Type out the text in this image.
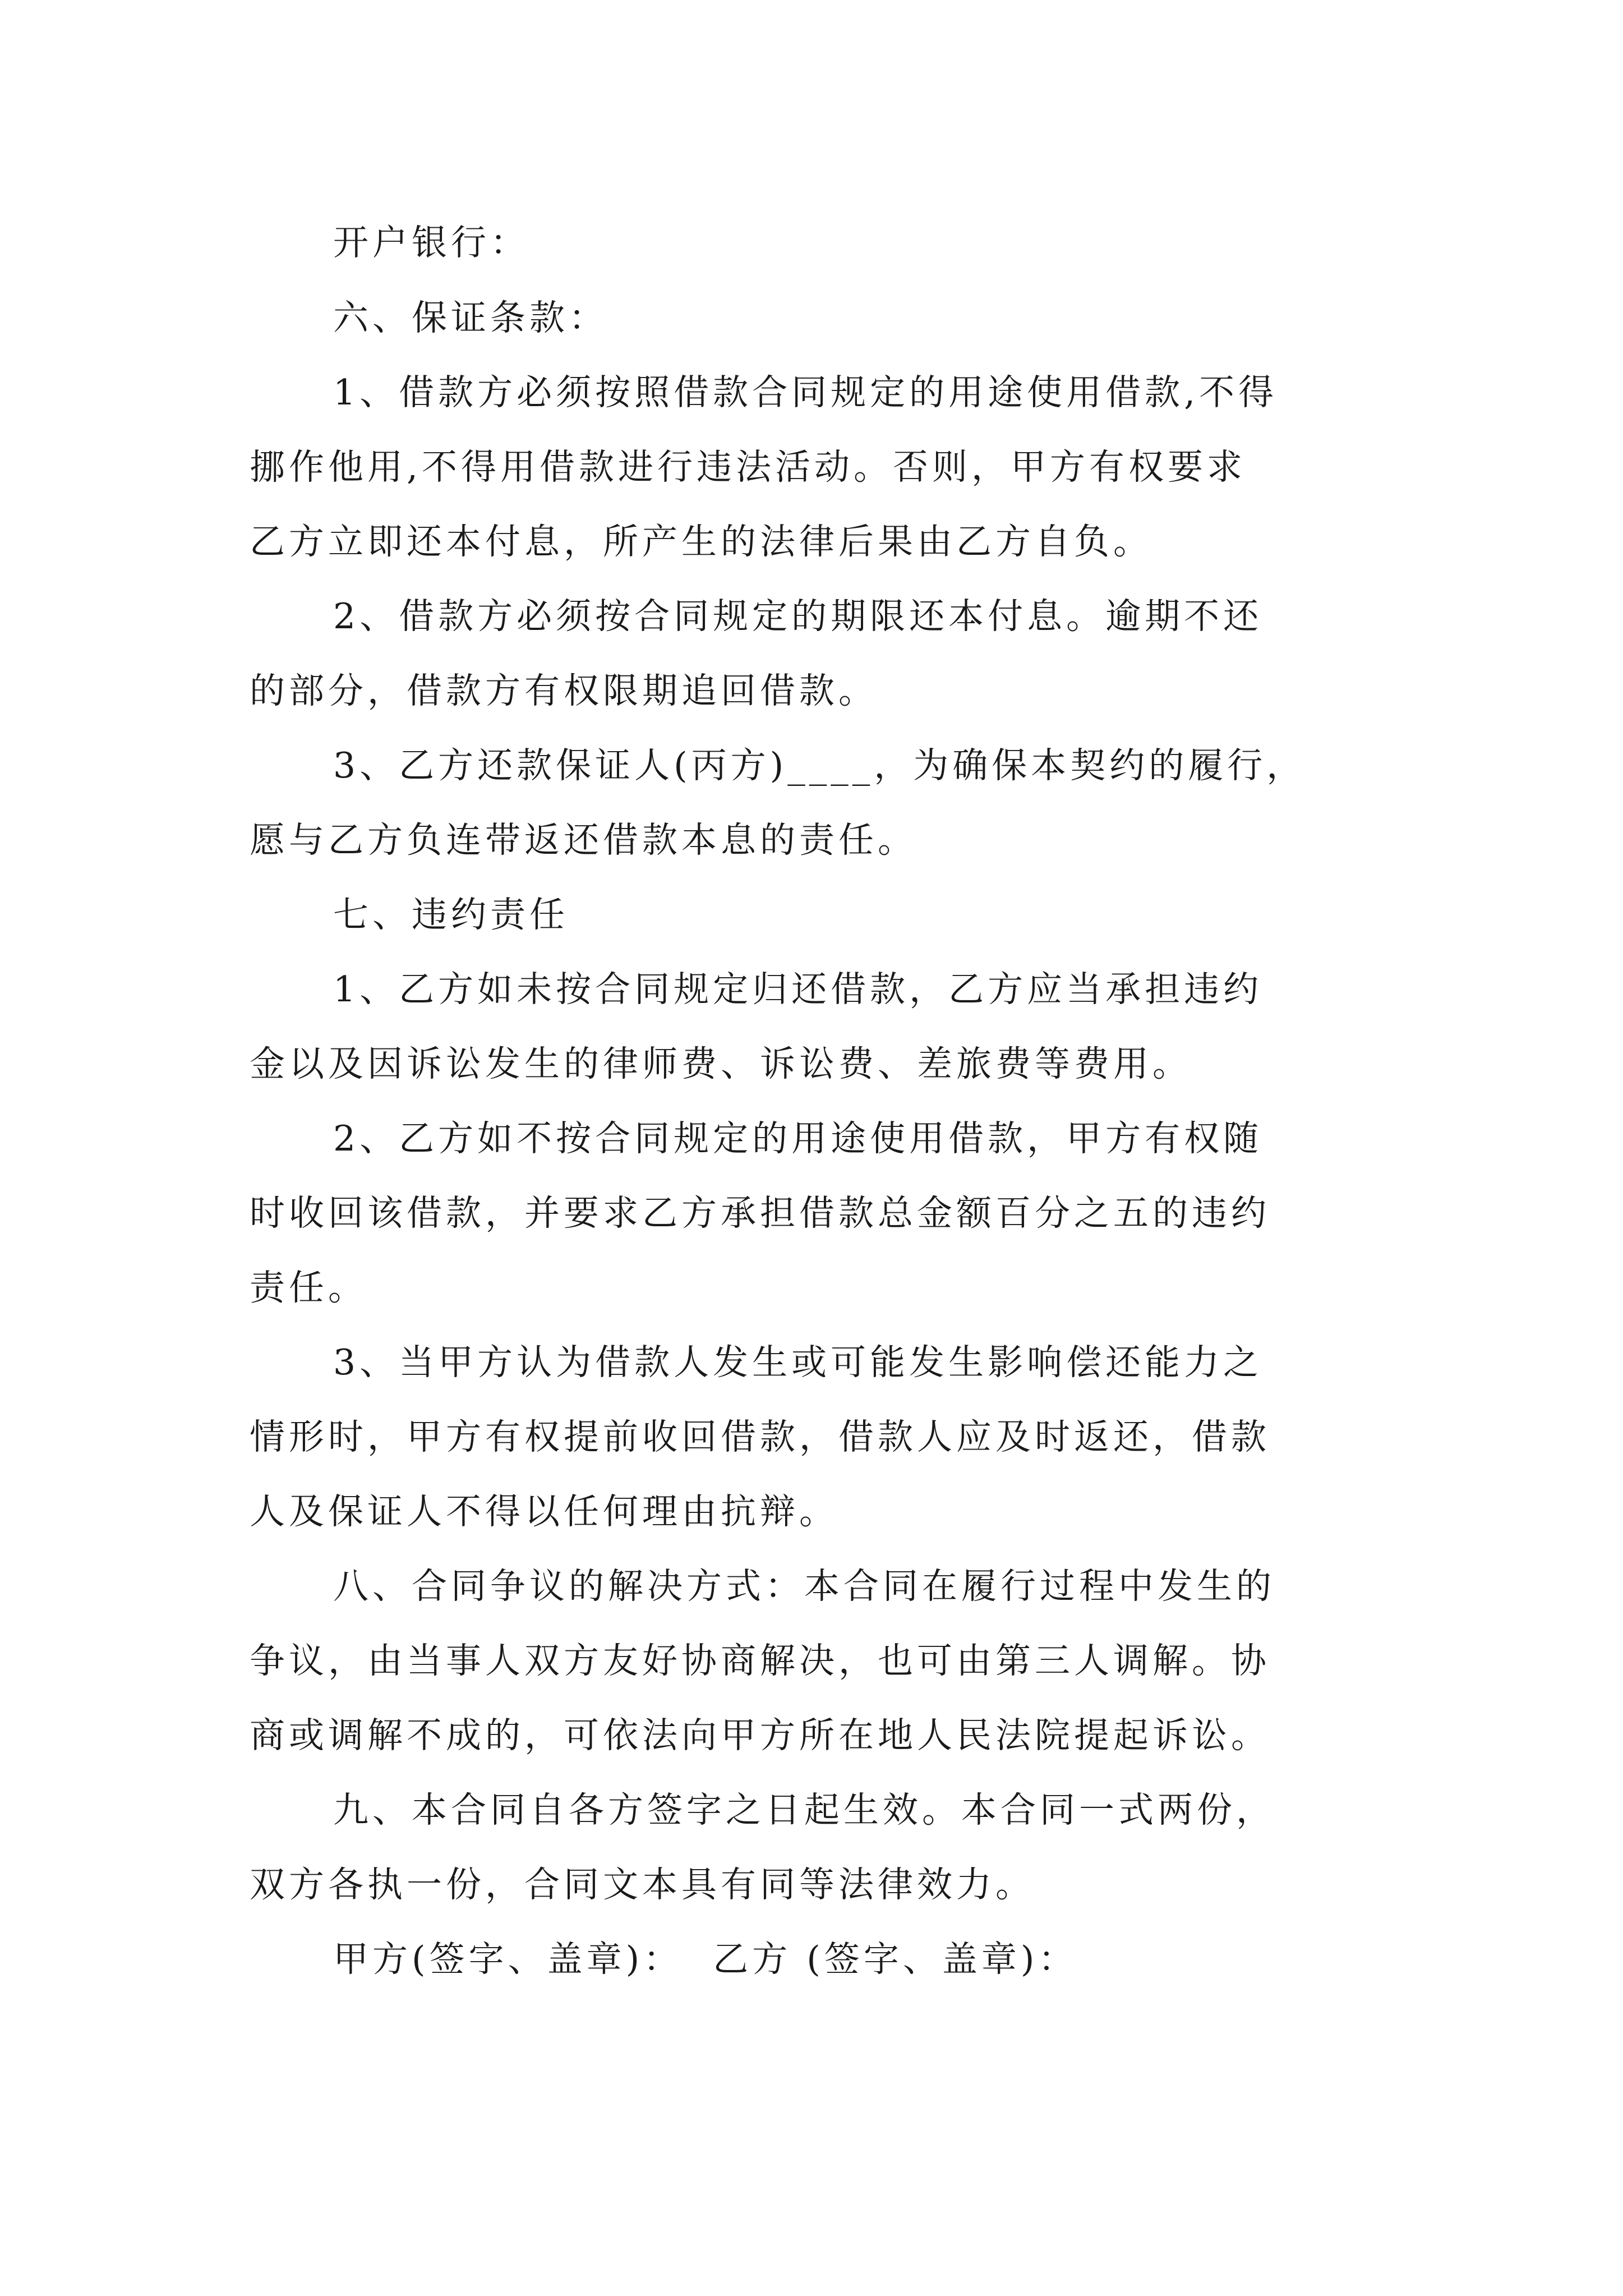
开户银行：
六、保证条款：
1、借款方必须按照借款合同规定的用途使用借款,不得
挪作他用,不得用借款进行违法活动。否则，甲方有权要求
乙方立即还本付息，所产生的法律后果由乙方自负。
2、借款方必须按合同规定的期限还本付息。逾期不还
的部分，借款方有权限期追回借款。
3、乙方还款保证人(丙方)____，为确保本契约的履行，
愿与乙方负连带返还借款本息的责任。
七、违约责任
1、乙方如未按合同规定归还借款，乙方应当承担违约
金以及因诉讼发生的律师费、诉讼费、差旅费等费用。
2、乙方如不按合同规定的用途使用借款，甲方有权随
时收回该借款，并要求乙方承担借款总金额百分之五的违约
责任。
3、当甲方认为借款人发生或可能发生影响偿还能力之
情形时，甲方有权提前收回借款，借款人应及时返还，借款
人及保证人不得以任何理由抗辩。
八、合同争议的解决方式：本合同在履行过程中发生的
争议，由当事人双方友好协商解决，也可由第三人调解。协
商或调解不成的，可依法向甲方所在地人民法院提起诉讼。
九、本合同自各方签字之日起生效。本合同一式两份，
双方各执一份，合同文本具有同等法律效力。
甲方(签字、盖章)：  乙方 (签字、盖章)：
